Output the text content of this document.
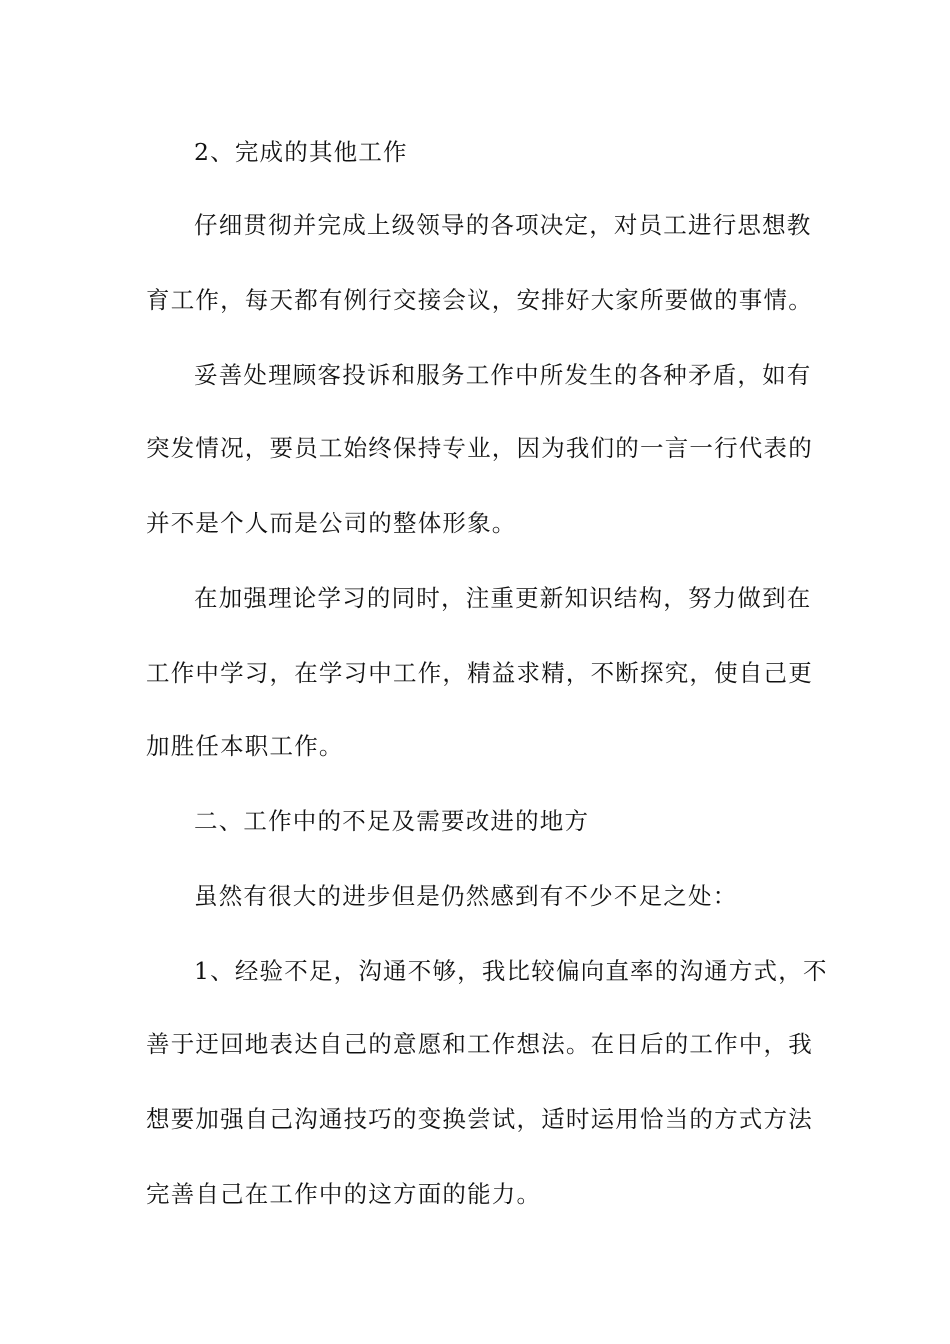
2、完成的其他工作
仔细贯彻并完成上级领导的各项决定，对员工进行思想教
育工作，每天都有例行交接会议，安排好大家所要做的事情。
妥善处理顾客投诉和服务工作中所发生的各种矛盾，如有
突发情况，要员工始终保持专业，因为我们的一言一行代表的
并不是个人而是公司的整体形象。
在加强理论学习的同时，注重更新知识结构，努力做到在
工作中学习，在学习中工作，精益求精，不断探究，使自己更
加胜任本职工作。
二、工作中的不足及需要改进的地方
虽然有很大的进步但是仍然感到有不少不足之处：
1、经验不足，沟通不够，我比较偏向直率的沟通方式，不
善于迂回地表达自己的意愿和工作想法。在日后的工作中，我
想要加强自己沟通技巧的变换尝试，适时运用恰当的方式方法
完善自己在工作中的这方面的能力。
